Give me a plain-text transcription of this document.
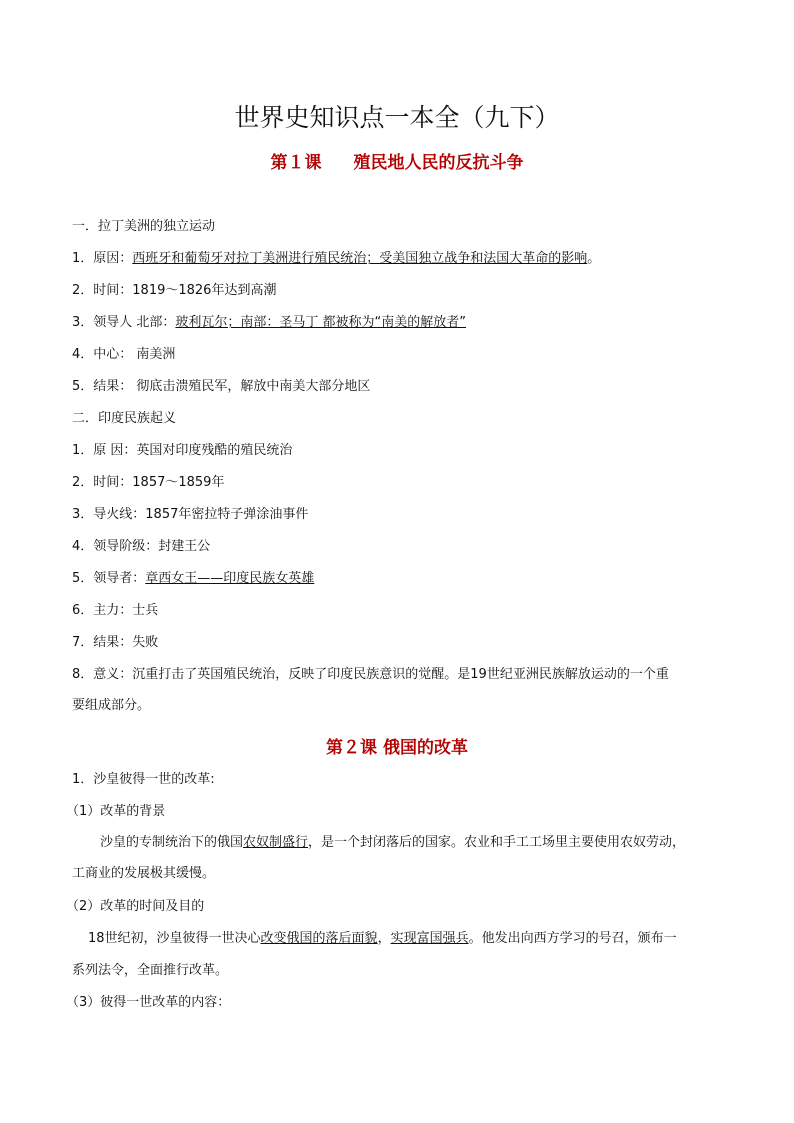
世界史知识点一本全（九下）
第１课 殖民地人民的反抗斗争

一．拉丁美洲的独立运动

1．原因：西班牙和葡萄牙对拉丁美洲进行殖民统治；受美国独立战争和法国大革命的影响。

2．时间：1819～1826年达到高潮

3．领导人 北部：玻利瓦尔；南部：圣马丁 都被称为“南美的解放者”

4．中心： 南美洲

5．结果： 彻底击溃殖民军，解放中南美大部分地区

二．印度民族起义

1．原 因：英国对印度残酷的殖民统治

2．时间：1857～1859年

3．导火线：1857年密拉特子弹涂油事件

4．领导阶级：封建王公

5．领导者：章西女王——印度民族女英雄

6．主力：士兵

7．结果：失败

8．意义：沉重打击了英国殖民统治，反映了印度民族意识的觉醒。是19世纪亚洲民族解放运动的一个重

要组成部分。

第２课 俄国的改革

1．沙皇彼得一世的改革:

（1）改革的背景

沙皇的专制统治下的俄国农奴制盛行，是一个封闭落后的国家。农业和手工工场里主要使用农奴劳动，

工商业的发展极其缓慢。

（2）改革的时间及目的

18世纪初，沙皇彼得一世决心改变俄国的落后面貌，实现富国强兵。他发出向西方学习的号召，颁布一

系列法令，全面推行改革。

（3）彼得一世改革的内容：
